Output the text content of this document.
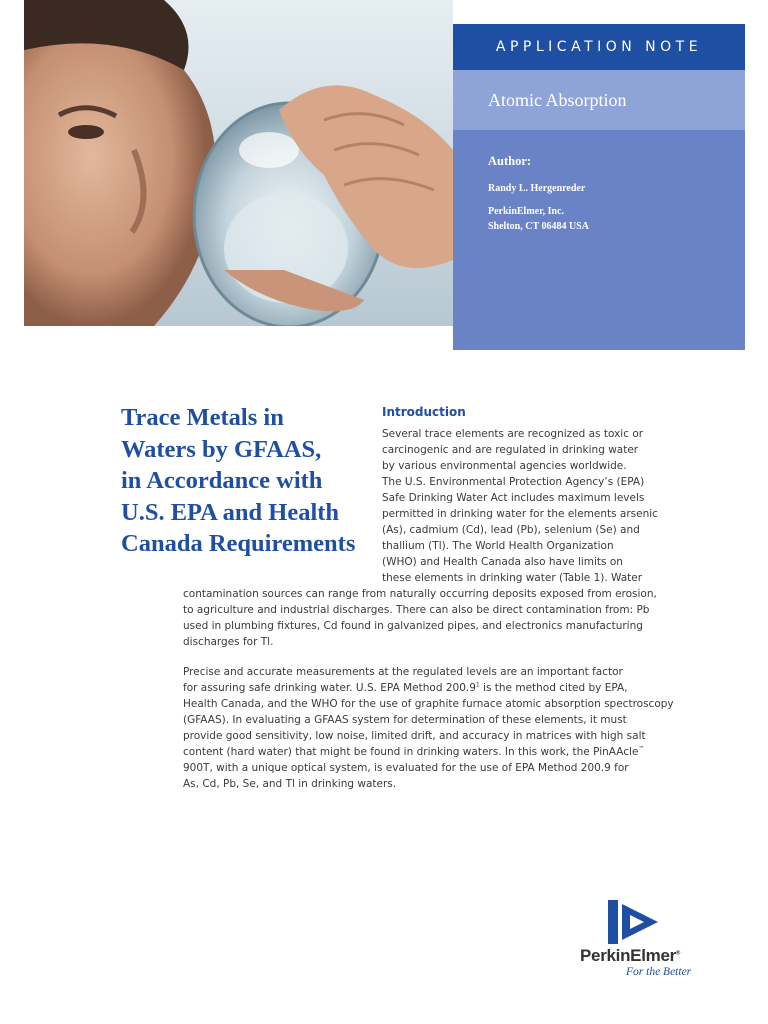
APPLICATION NOTE
Atomic Absorption
Author:
Randy L. Hergenreder
PerkinElmer, Inc.
Shelton, CT 06484 USA
Trace Metals in
Waters by GFAAS,
in Accordance with
U.S. EPA and Health
Canada Requirements
Introduction
Several trace elements are recognized as toxic or
carcinogenic and are regulated in drinking water
by various environmental agencies worldwide.
The U.S. Environmental Protection Agency’s (EPA)
Safe Drinking Water Act includes maximum levels
permitted in drinking water for the elements arsenic
(As), cadmium (Cd), lead (Pb), selenium (Se) and
thallium (Tl). The World Health Organization
(WHO) and Health Canada also have limits on
these elements in drinking water (Table 1). Water
contamination sources can range from naturally occurring deposits exposed from erosion,
to agriculture and industrial discharges. There can also be direct contamination from: Pb
used in plumbing fixtures, Cd found in galvanized pipes, and electronics manufacturing
discharges for Tl.
Precise and accurate measurements at the regulated levels are an important factor
for assuring safe drinking water. U.S. EPA Method 200.9$^1$ is the method cited by EPA,
Health Canada, and the WHO for the use of graphite furnace atomic absorption spectroscopy
(GFAAS). In evaluating a GFAAS system for determination of these elements, it must
provide good sensitivity, low noise, limited drift, and accuracy in matrices with high salt
content (hard water) that might be found in drinking waters. In this work, the PinAAcle™
900T, with a unique optical system, is evaluated for the use of EPA Method 200.9 for
As, Cd, Pb, Se, and Tl in drinking waters.
PerkinElmer®
For the Better
